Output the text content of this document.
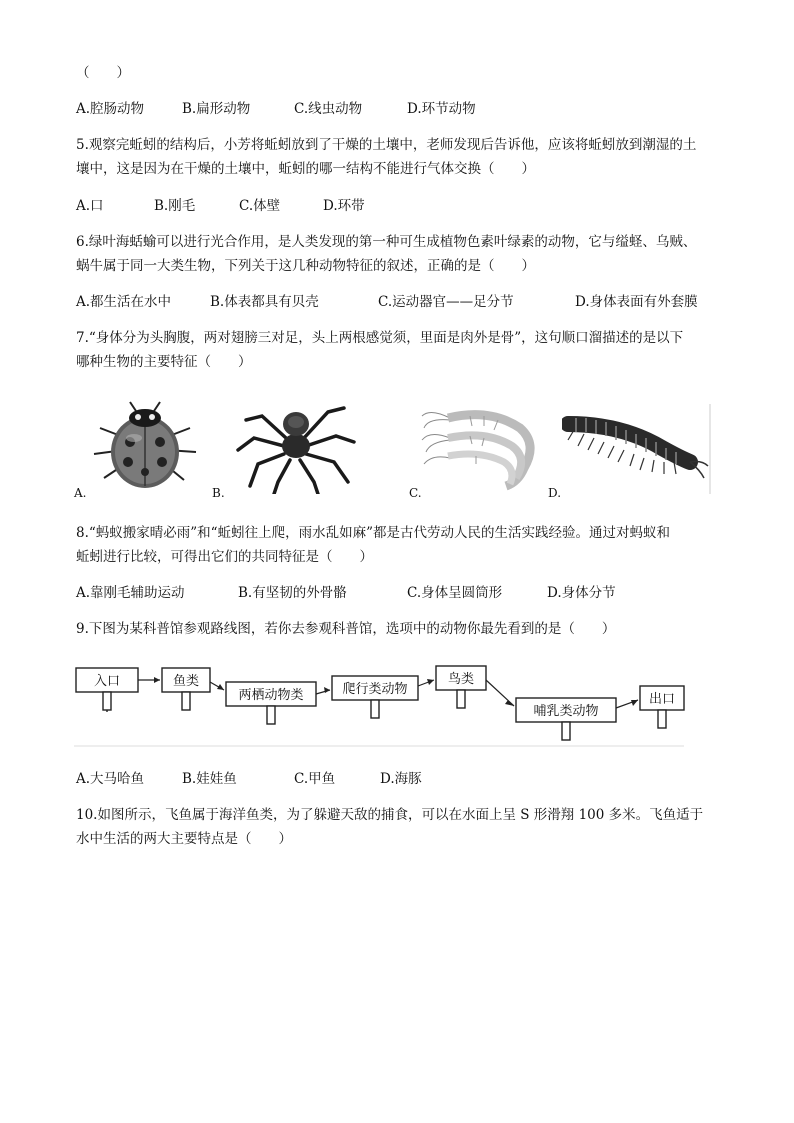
（　　）
A.腔肠动物	B.扁形动物	C.线虫动物	D.环节动物
5.观察完蚯蚓的结构后，小芳将蚯蚓放到了干燥的土壤中，老师发现后告诉他，应该将蚯蚓放到潮湿的土
壤中，这是因为在干燥的土壤中，蚯蚓的哪一结构不能进行气体交换（　　）
A.口	B.刚毛	C.体壁	D.环带
6.绿叶海蛞蝓可以进行光合作用，是人类发现的第一种可生成植物色素叶绿素的动物，它与缢蛏、乌贼、
蜗牛属于同一大类生物，下列关于这几种动物特征的叙述，正确的是（　　）
A.都生活在水中	B.体表都具有贝壳	C.运动器官——足分节	D.身体表面有外套膜
7.“身体分为头胸腹，两对翅膀三对足，头上两根感觉须，里面是肉外是骨”，这句顺口溜描述的是以下
哪种生物的主要特征（　　）
A.	B.	C.	D.
8.“蚂蚁搬家晴必雨”和“蚯蚓往上爬，雨水乱如麻”都是古代劳动人民的生活实践经验。通过对蚂蚁和
蚯蚓进行比较，可得出它们的共同特征是（　　）
A.靠刚毛辅助运动	B.有坚韧的外骨骼	C.身体呈圆筒形	D.身体分节
9.下图为某科普馆参观路线图，若你去参观科普馆，选项中的动物你最先看到的是（　　）
入口	鱼类
两栖动物类	爬行类动物
鸟类
哺乳类动物
出口
A.大马哈鱼	B.娃娃鱼	C.甲鱼	D.海豚
10.如图所示，飞鱼属于海洋鱼类，为了躲避天敌的捕食，可以在水面上呈 S 形滑翔 100 多米。飞鱼适于
水中生活的两大主要特点是（　　）
